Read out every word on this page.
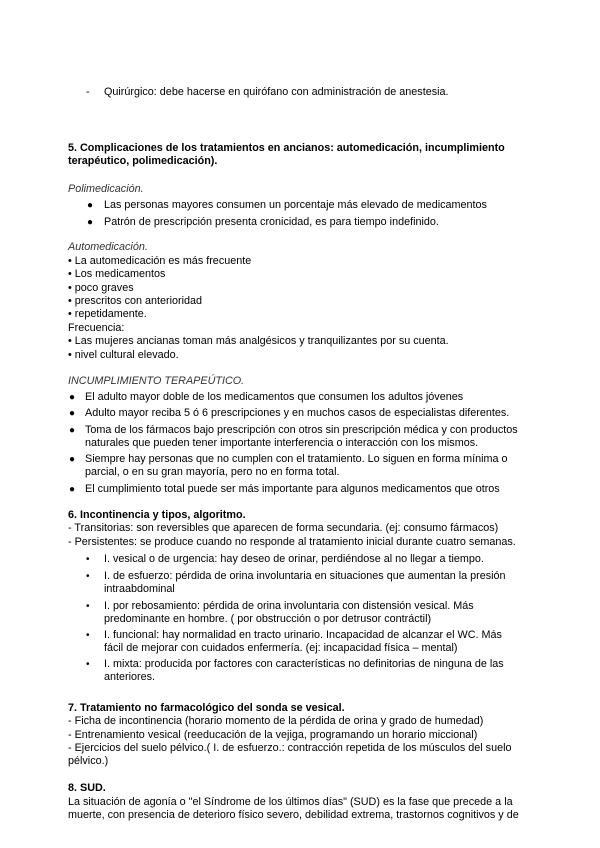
- Quirúrgico: debe hacerse en quirófano con administración de anestesia.
5. Complicaciones de los tratamientos en ancianos: automedicación, incumplimiento
terapéutico, polimedicación).
Polimedicación.
● Las personas mayores consumen un porcentaje más elevado de medicamentos
● Patrón de prescripción presenta cronicidad, es para tiempo indefinido.
Automedicación.
• La automedicación es más frecuente
• Los medicamentos
• poco graves
• prescritos con anterioridad
• repetidamente.
Frecuencia:
• Las mujeres ancianas toman más analgésicos y tranquilizantes por su cuenta.
• nivel cultural elevado.
INCUMPLIMIENTO TERAPEÚTICO.
● El adulto mayor doble de los medicamentos que consumen los adultos jóvenes
● Adulto mayor reciba 5 ó 6 prescripciones y en muchos casos de especialistas diferentes.
● Toma de los fármacos bajo prescripción con otros sin prescripción médica y con productos
naturales que pueden tener importante interferencia o interacción con los mismos.
● Siempre hay personas que no cumplen con el tratamiento. Lo siguen en forma mínima o
parcial, o en su gran mayoría, pero no en forma total.
● El cumplimiento total puede ser más importante para algunos medicamentos que otros
6. Incontinencia y tipos, algoritmo.
- Transitorias: son reversibles que aparecen de forma secundaria. (ej: consumo fármacos)
- Persistentes: se produce cuando no responde al tratamiento inicial durante cuatro semanas.
• I. vesical o de urgencia: hay deseo de orinar, perdiéndose al no llegar a tiempo.
• I. de esfuerzo: pérdida de orina involuntaria en situaciones que aumentan la presión
intraabdominal
• I. por rebosamiento: pérdida de orina involuntaria con distensión vesical. Más
predominante en hombre. ( por obstrucción o por detrusor contráctil)
• I. funcional: hay normalidad en tracto urinario. Incapacidad de alcanzar el WC. Más
fácil de mejorar con cuidados enfermería. (ej: incapacidad física – mental)
• I. mixta: producida por factores con características no definitorias de ninguna de las
anteriores.
7. Tratamiento no farmacológico del sonda se vesical.
- Ficha de incontinencia (horario momento de la pérdida de orina y grado de humedad)
- Entrenamiento vesical (reeducación de la vejiga, programando un horario miccional)
- Ejercicios del suelo pélvico.( I. de esfuerzo.: contracción repetida de los músculos del suelo
pélvico.)
8. SUD.
La situación de agonía o "el Síndrome de los últimos días" (SUD) es la fase que precede a la
muerte, con presencia de deterioro físico severo, debilidad extrema, trastornos cognitivos y de
